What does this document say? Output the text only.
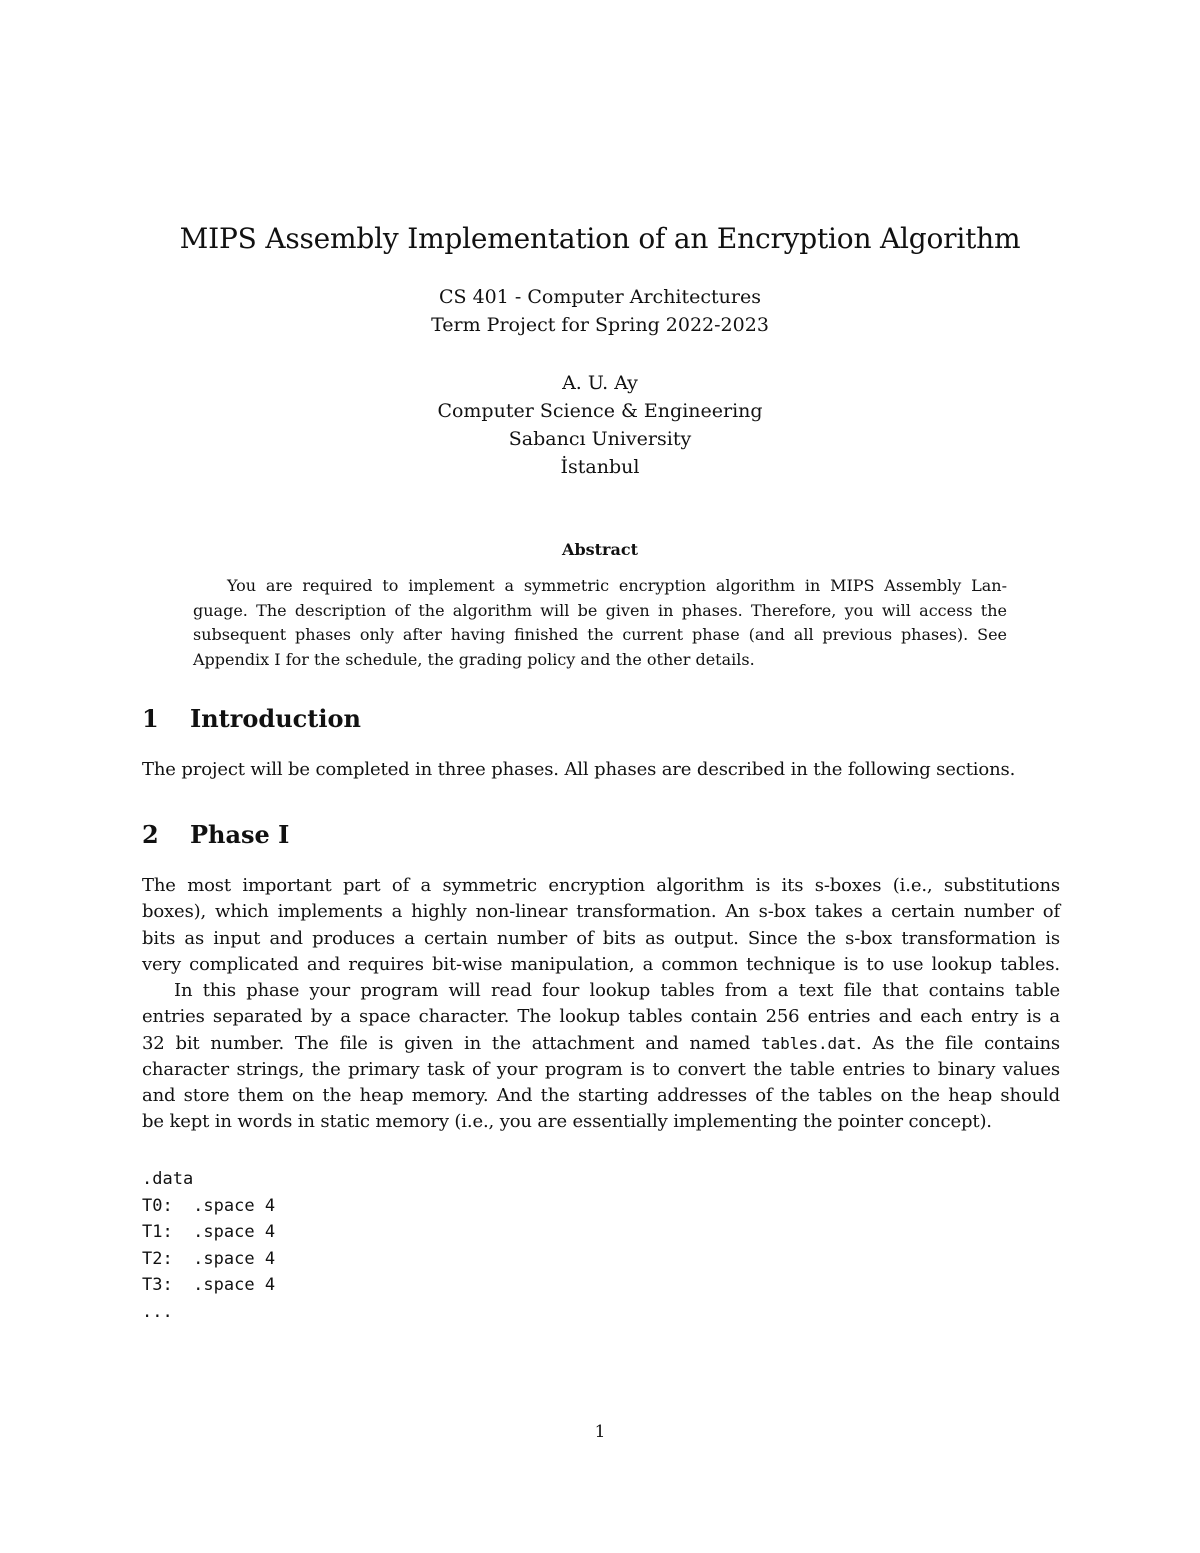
MIPS Assembly Implementation of an Encryption Algorithm
CS 401 - Computer Architectures
Term Project for Spring 2022-2023
A. U. Ay
Computer Science & Engineering
Sabancı University
İstanbul
Abstract
You are required to implement a symmetric encryption algorithm in MIPS Assembly Lan-
guage. The description of the algorithm will be given in phases. Therefore, you will access the
subsequent phases only after having finished the current phase (and all previous phases). See
Appendix I for the schedule, the grading policy and the other details.
1 Introduction
The project will be completed in three phases. All phases are described in the following sections.
2 Phase I
The most important part of a symmetric encryption algorithm is its s-boxes (i.e., substitutions
boxes), which implements a highly non-linear transformation. An s-box takes a certain number of
bits as input and produces a certain number of bits as output. Since the s-box transformation is
very complicated and requires bit-wise manipulation, a common technique is to use lookup tables.
In this phase your program will read four lookup tables from a text file that contains table
entries separated by a space character. The lookup tables contain 256 entries and each entry is a
32 bit number. The file is given in the attachment and named tables.dat. As the file contains
character strings, the primary task of your program is to convert the table entries to binary values
and store them on the heap memory. And the starting addresses of the tables on the heap should
be kept in words in static memory (i.e., you are essentially implementing the pointer concept).
.data
T0:  .space 4
T1:  .space 4
T2:  .space 4
T3:  .space 4
...
1
